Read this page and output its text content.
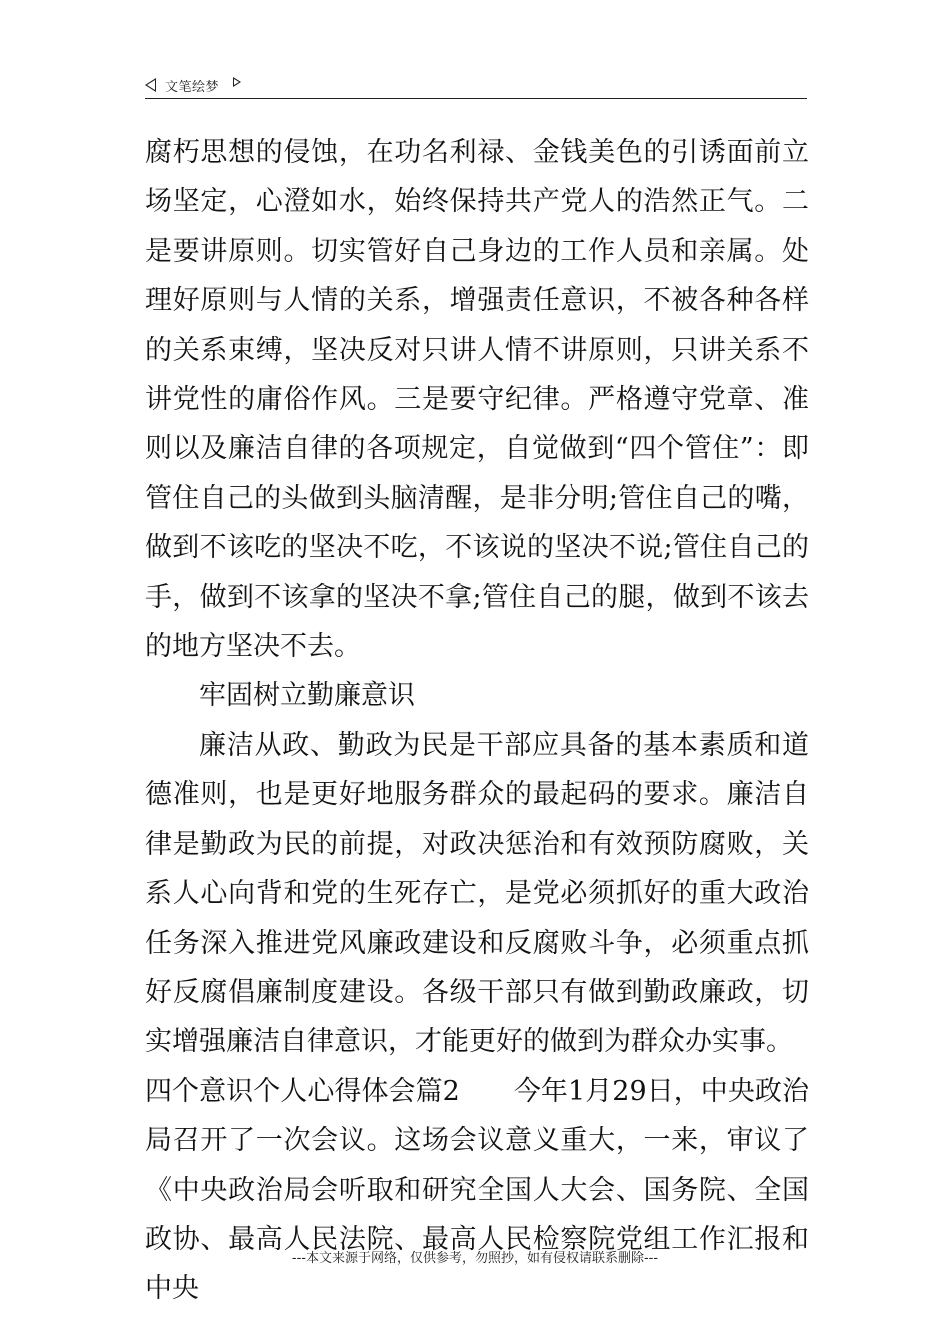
文笔绘梦

腐朽思想的侵蚀，在功名利禄、金钱美色的引诱面前立场坚定，心澄如水，始终保持共产党人的浩然正气。二是要讲原则。切实管好自己身边的工作人员和亲属。处理好原则与人情的关系，增强责任意识，不被各种各样的关系束缚，坚决反对只讲人情不讲原则，只讲关系不讲党性的庸俗作风。三是要守纪律。严格遵守党章、准则以及廉洁自律的各项规定，自觉做到“四个管住”：即管住自己的头做到头脑清醒，是非分明;管住自己的嘴，做到不该吃的坚决不吃，不该说的坚决不说;管住自己的手，做到不该拿的坚决不拿;管住自己的腿，做到不该去的地方坚决不去。

牢固树立勤廉意识

廉洁从政、勤政为民是干部应具备的基本素质和道德准则，也是更好地服务群众的最起码的要求。廉洁自律是勤政为民的前提，对政决惩治和有效预防腐败，关系人心向背和党的生死存亡，是党必须抓好的重大政治任务深入推进党风廉政建设和反腐败斗争，必须重点抓好反腐倡廉制度建设。各级干部只有做到勤政廉政，切实增强廉洁自律意识，才能更好的做到为群众办实事。

四个意识个人心得体会篇2 今年1月29日，中央政治局召开了一次会议。这场会议意义重大，一来，审议了《中央政治局会听取和研究全国人大会、国务院、全国政协、最高人民法院、最高人民检察院党组工作汇报和中央

---本文来源于网络，仅供参考，勿照抄，如有侵权请联系删除---
